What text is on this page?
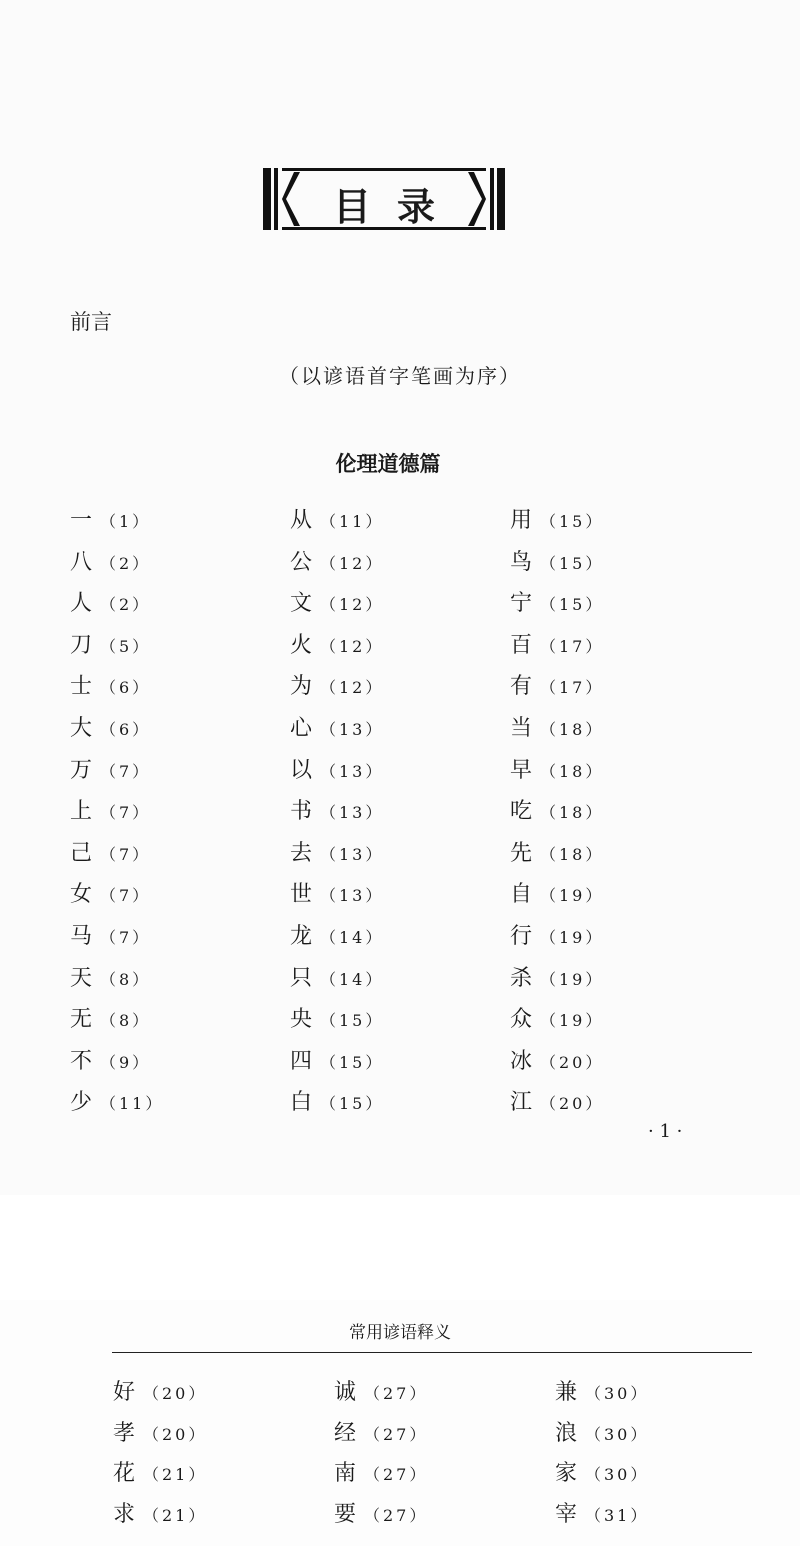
目录
前言
（以谚语首字笔画为序）
伦理道德篇
一 （1）
八 （2）
人 （2）
刀 （5）
士 （6）
大 （6）
万 （7）
上 （7）
己 （7）
女 （7）
马 （7）
天 （8）
无 （8）
不 （9）
少 （11）
从 （11）
公 （12）
文 （12）
火 （12）
为 （12）
心 （13）
以 （13）
书 （13）
去 （13）
世 （13）
龙 （14）
只 （14）
央 （15）
四 （15）
白 （15）
用 （15）
鸟 （15）
宁 （15）
百 （17）
有 （17）
当 （18）
早 （18）
吃 （18）
先 （18）
自 （19）
行 （19）
杀 （19）
众 （19）
冰 （20）
江 （20）
· 1 ·
常用谚语释义
好 （20）
孝 （20）
花 （21）
求 （21）
诚 （27）
经 （27）
南 （27）
要 （27）
兼 （30）
浪 （30）
家 （30）
宰 （31）
